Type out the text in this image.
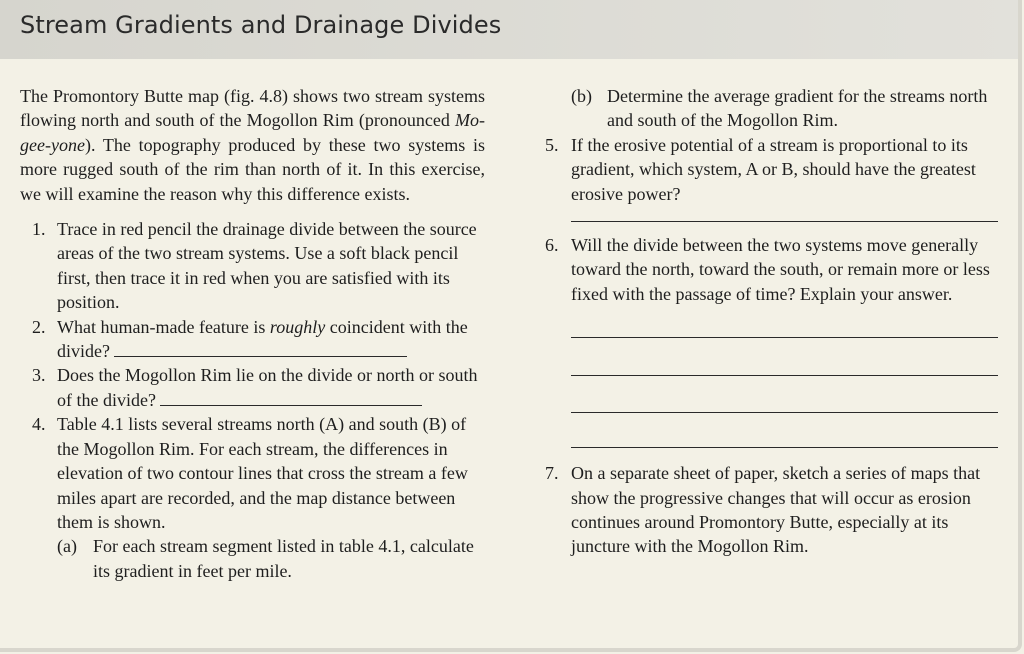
Stream Gradients and Drainage Divides

The Promontory Butte map (fig. 4.8) shows two stream systems flowing north and south of the Mogollon Rim (pronounced Mo-gee-yone). The topography produced by these two systems is more rugged south of the rim than north of it. In this exercise, we will examine the reason why this difference exists.

1. Trace in red pencil the drainage divide between the source areas of the two stream systems. Use a soft black pencil first, then trace it in red when you are satisfied with its position.
2. What human-made feature is roughly coincident with the divide?
3. Does the Mogollon Rim lie on the divide or north or south of the divide?
4. Table 4.1 lists several streams north (A) and south (B) of the Mogollon Rim. For each stream, the differences in elevation of two contour lines that cross the stream a few miles apart are recorded, and the map distance between them is shown.
(a) For each stream segment listed in table 4.1, calculate its gradient in feet per mile.
(b) Determine the average gradient for the streams north and south of the Mogollon Rim.
5. If the erosive potential of a stream is proportional to its gradient, which system, A or B, should have the greatest erosive power?
6. Will the divide between the two systems move generally toward the north, toward the south, or remain more or less fixed with the passage of time? Explain your answer.
7. On a separate sheet of paper, sketch a series of maps that show the progressive changes that will occur as erosion continues around Promontory Butte, especially at its juncture with the Mogollon Rim.
